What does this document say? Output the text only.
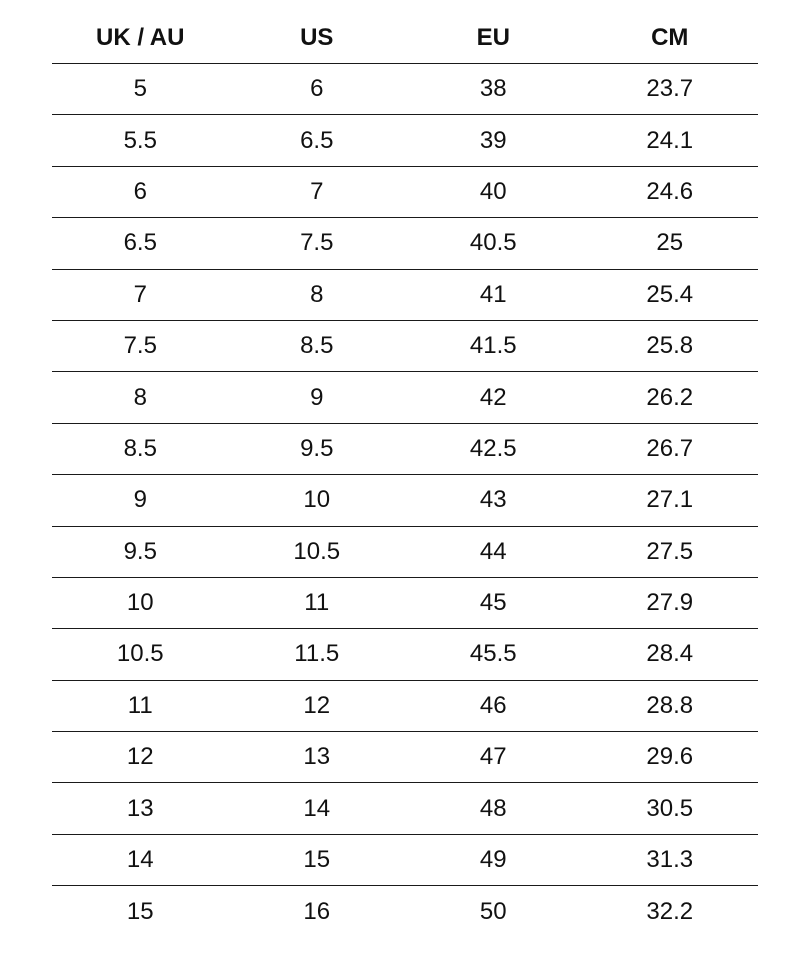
UK / AU	US	EU	CM
5	6	38	23.7
5.5	6.5	39	24.1
6	7	40	24.6
6.5	7.5	40.5	25
7	8	41	25.4
7.5	8.5	41.5	25.8
8	9	42	26.2
8.5	9.5	42.5	26.7
9	10	43	27.1
9.5	10.5	44	27.5
10	11	45	27.9
10.5	11.5	45.5	28.4
11	12	46	28.8
12	13	47	29.6
13	14	48	30.5
14	15	49	31.3
15	16	50	32.2
